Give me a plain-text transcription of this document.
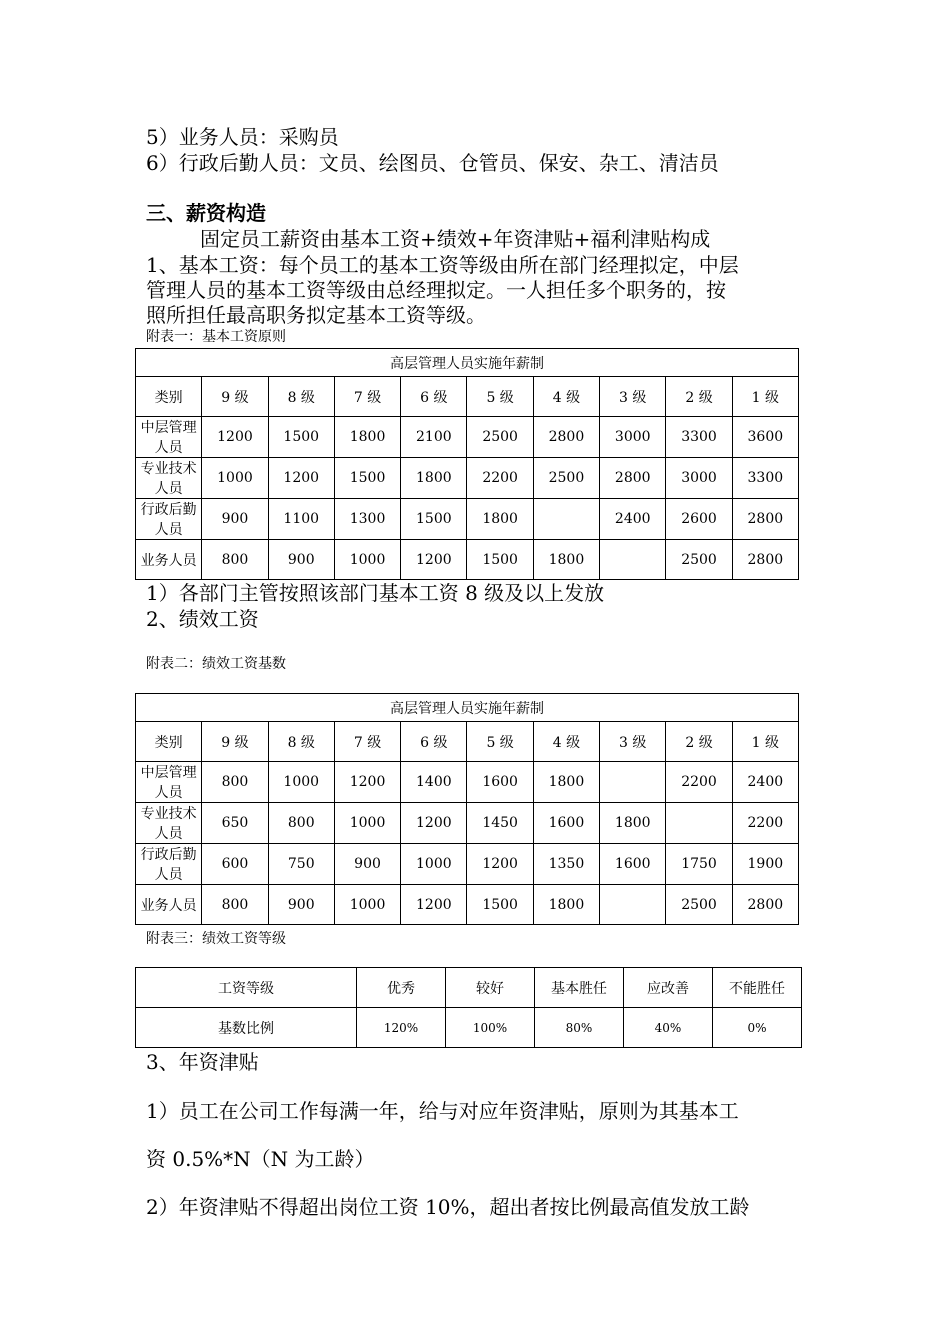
5）业务人员：采购员
6）行政后勤人员：文员、绘图员、仓管员、保安、杂工、清洁员
三、薪资构造
固定员工薪资由基本工资+绩效+年资津贴+福利津贴构成
1、基本工资：每个员工的基本工资等级由所在部门经理拟定，中层
管理人员的基本工资等级由总经理拟定。一人担任多个职务的，按
照所担任最高职务拟定基本工资等级。
附表一：基本工资原则
高层管理人员实施年薪制									
类别	9 级	8 级	7 级	6 级	5 级	4 级	3 级	2 级	1 级
中层管理人员	1200	1500	1800	2100	2500	2800	3000	3300	3600
专业技术人员	1000	1200	1500	1800	2200	2500	2800	3000	3300
行政后勤人员	900	1100	1300	1500	1800		2400	2600	2800
业务人员	800	900	1000	1200	1500	1800		2500	2800
1）各部门主管按照该部门基本工资 8 级及以上发放
2、绩效工资
附表二：绩效工资基数
高层管理人员实施年薪制									
类别	9 级	8 级	7 级	6 级	5 级	4 级	3 级	2 级	1 级
中层管理人员	800	1000	1200	1400	1600	1800		2200	2400
专业技术人员	650	800	1000	1200	1450	1600	1800		2200
行政后勤人员	600	750	900	1000	1200	1350	1600	1750	1900
业务人员	800	900	1000	1200	1500	1800		2500	2800
附表三：绩效工资等级
工资等级	优秀	较好	基本胜任	应改善	不能胜任
基数比例	120%	100%	80%	40%	0%
3、年资津贴
1）员工在公司工作每满一年，给与对应年资津贴，原则为其基本工
资 0.5%*N（N 为工龄）
2）年资津贴不得超出岗位工资 10%，超出者按比例最高值发放工龄
